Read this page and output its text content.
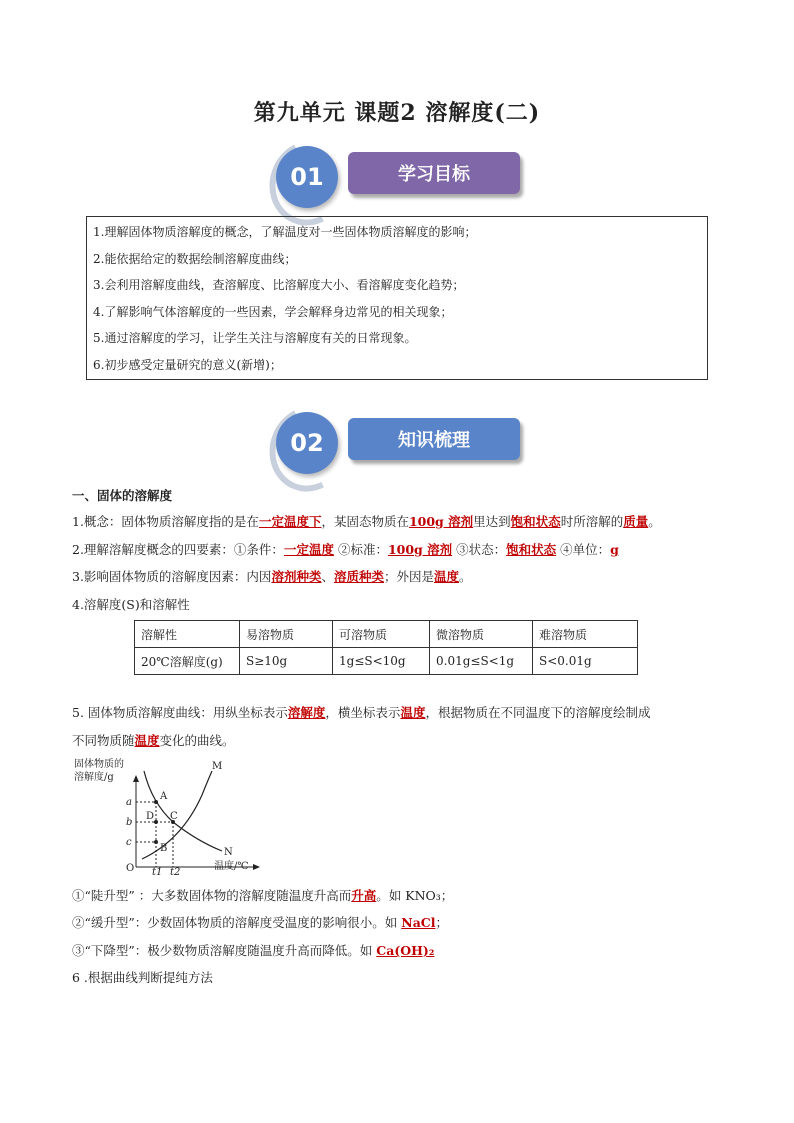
第九单元 课题2 溶解度(二)
01	学习目标
1.理解固体物质溶解度的概念，了解温度对一些固体物质溶解度的影响；
2.能依据给定的数据绘制溶解度曲线；
3.会利用溶解度曲线，查溶解度、比溶解度大小、看溶解度变化趋势；
4.了解影响气体溶解度的一些因素，学会解释身边常见的相关现象；
5.通过溶解度的学习，让学生关注与溶解度有关的日常现象。
6.初步感受定量研究的意义(新增)；
02	知识梳理
一、固体的溶解度
1.概念：固体物质溶解度指的是在一定温度下，某固态物质在100g 溶剂里达到饱和状态时所溶解的质量。
2.理解溶解度概念的四要素：①条件：一定温度 ②标准：100g 溶剂 ③状态：饱和状态 ④单位：g
3.影响固体物质的溶解度因素：内因溶剂种类、溶质种类；外因是温度。
4.溶解度(S)和溶解性
溶解性	易溶物质	可溶物质	微溶物质	难溶物质
20℃溶解度(g)	S≥10g	1g≤S<10g	0.01g≤S<1g	S<0.01g
5. 固体物质溶解度曲线：用纵坐标表示溶解度，横坐标表示温度，根据物质在不同温度下的溶解度绘制成
不同物质随温度变化的曲线。
固体物质的
溶解度/g
O	温度/℃
a
b
c
t1 t2
M
N
A
B
C
D
①“陡升型” ：大多数固体物的溶解度随温度升高而升高。如 KNO₃；
②“缓升型”：少数固体物质的溶解度受温度的影响很小。如 NaCl；
③“下降型”：极少数物质溶解度随温度升高而降低。如 Ca(OH)₂
6 .根据曲线判断提纯方法
